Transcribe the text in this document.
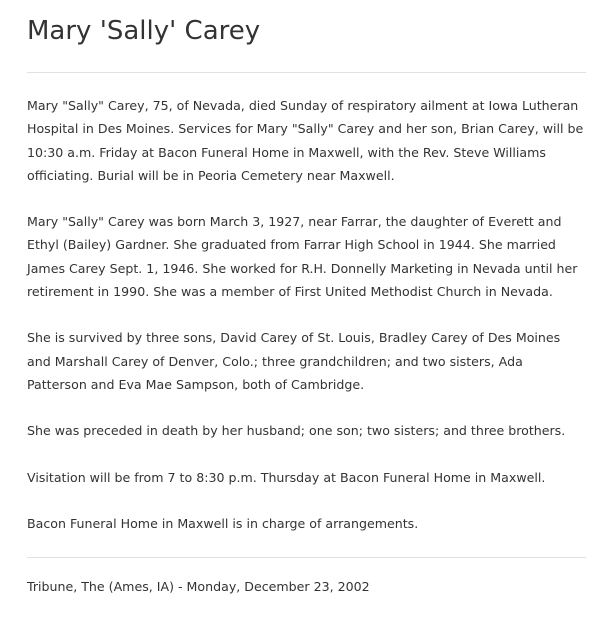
Mary 'Sally' Carey

Mary "Sally" Carey, 75, of Nevada, died Sunday of respiratory ailment at Iowa Lutheran Hospital in Des Moines. Services for Mary "Sally" Carey and her son, Brian Carey, will be 10:30 a.m. Friday at Bacon Funeral Home in Maxwell, with the Rev. Steve Williams officiating. Burial will be in Peoria Cemetery near Maxwell.

Mary "Sally" Carey was born March 3, 1927, near Farrar, the daughter of Everett and Ethyl (Bailey) Gardner. She graduated from Farrar High School in 1944. She married James Carey Sept. 1, 1946. She worked for R.H. Donnelly Marketing in Nevada until her retirement in 1990. She was a member of First United Methodist Church in Nevada.

She is survived by three sons, David Carey of St. Louis, Bradley Carey of Des Moines and Marshall Carey of Denver, Colo.; three grandchildren; and two sisters, Ada Patterson and Eva Mae Sampson, both of Cambridge.

She was preceded in death by her husband; one son; two sisters; and three brothers.

Visitation will be from 7 to 8:30 p.m. Thursday at Bacon Funeral Home in Maxwell.

Bacon Funeral Home in Maxwell is in charge of arrangements.

Tribune, The (Ames, IA) - Monday, December 23, 2002
